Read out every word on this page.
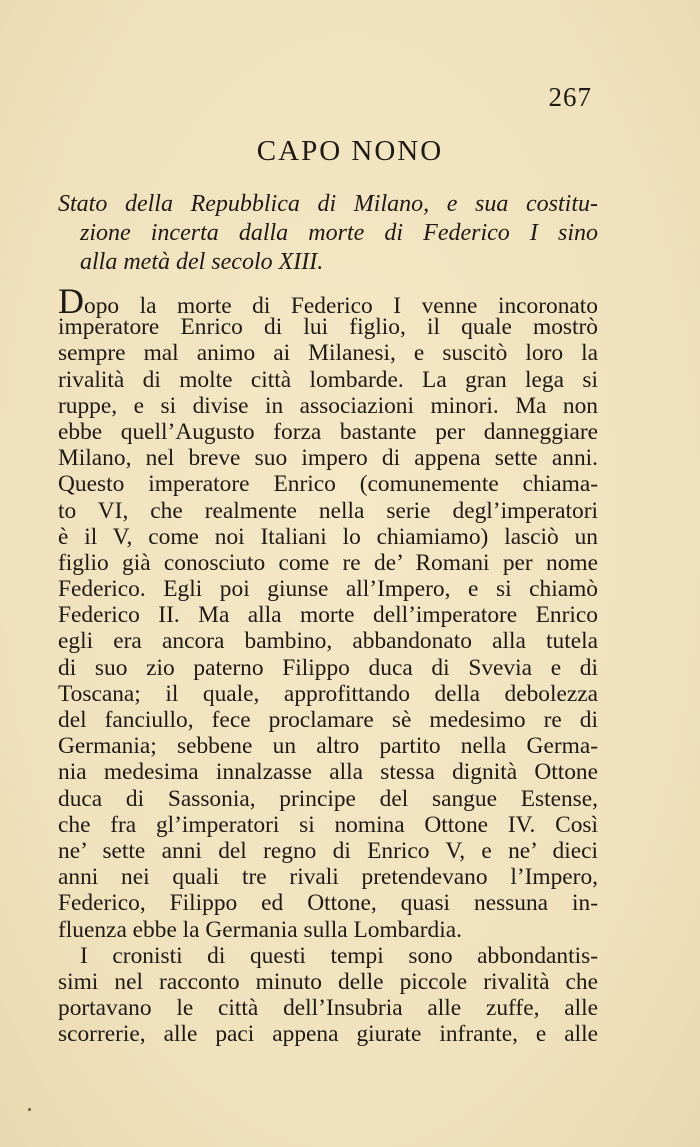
267
CAPO NONO
Stato della Repubblica di Milano, e sua costitu-
zione incerta dalla morte di Federico I sino
alla metà del secolo XIII.
Dopo la morte di Federico I venne incoronato
imperatore Enrico di lui figlio, il quale mostrò
sempre mal animo ai Milanesi, e suscitò loro la
rivalità di molte città lombarde. La gran lega si
ruppe, e si divise in associazioni minori. Ma non
ebbe quell’Augusto forza bastante per danneggiare
Milano, nel breve suo impero di appena sette anni.
Questo imperatore Enrico (comunemente chiama-
to VI, che realmente nella serie degl’imperatori
è il V, come noi Italiani lo chiamiamo) lasciò un
figlio già conosciuto come re de’ Romani per nome
Federico. Egli poi giunse all’Impero, e si chiamò
Federico II. Ma alla morte dell’imperatore Enrico
egli era ancora bambino, abbandonato alla tutela
di suo zio paterno Filippo duca di Svevia e di
Toscana; il quale, approfittando della debolezza
del fanciullo, fece proclamare sè medesimo re di
Germania; sebbene un altro partito nella Germa-
nia medesima innalzasse alla stessa dignità Ottone
duca di Sassonia, principe del sangue Estense,
che fra gl’imperatori si nomina Ottone IV. Così
ne’ sette anni del regno di Enrico V, e ne’ dieci
anni nei quali tre rivali pretendevano l’Impero,
Federico, Filippo ed Ottone, quasi nessuna in-
fluenza ebbe la Germania sulla Lombardia.
I cronisti di questi tempi sono abbondantis-
simi nel racconto minuto delle piccole rivalità che
portavano le città dell’Insubria alle zuffe, alle
scorrerie, alle paci appena giurate infrante, e alle
